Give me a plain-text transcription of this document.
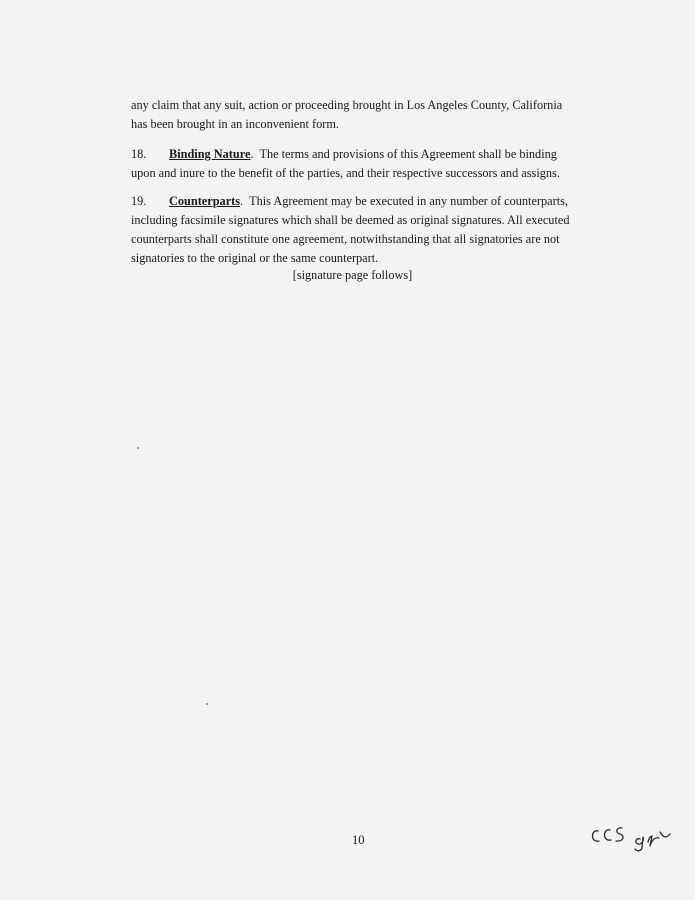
any claim that any suit, action or proceeding brought in Los Angeles County, California
has been brought in an inconvenient form.
18. Binding Nature. The terms and provisions of this Agreement shall be binding
upon and inure to the benefit of the parties, and their respective successors and assigns.
19. Counterparts. This Agreement may be executed in any number of counterparts,
including facsimile signatures which shall be deemed as original signatures. All executed
counterparts shall constitute one agreement, notwithstanding that all signatories are not
signatories to the original or the same counterpart.
[signature page follows]
10
